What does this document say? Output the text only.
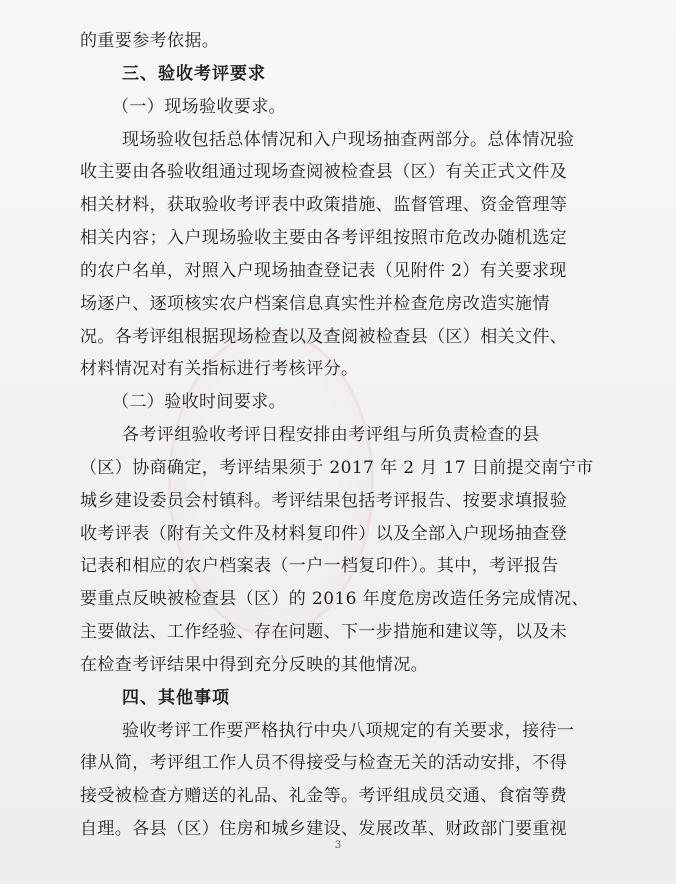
的重要参考依据。
三、验收考评要求
（一）现场验收要求。
现场验收包括总体情况和入户现场抽查两部分。总体情况验
收主要由各验收组通过现场查阅被检查县（区）有关正式文件及
相关材料，获取验收考评表中政策措施、监督管理、资金管理等
相关内容；入户现场验收主要由各考评组按照市危改办随机选定
的农户名单，对照入户现场抽查登记表（见附件 2）有关要求现
场逐户、逐项核实农户档案信息真实性并检查危房改造实施情
况。各考评组根据现场检查以及查阅被检查县（区）相关文件、
材料情况对有关指标进行考核评分。
（二）验收时间要求。
各考评组验收考评日程安排由考评组与所负责检查的县
（区）协商确定，考评结果须于 2017 年 2 月 17 日前提交南宁市
城乡建设委员会村镇科。考评结果包括考评报告、按要求填报验
收考评表（附有关文件及材料复印件）以及全部入户现场抽查登
记表和相应的农户档案表（一户一档复印件）。其中，考评报告
要重点反映被检查县（区）的 2016 年度危房改造任务完成情况、
主要做法、工作经验、存在问题、下一步措施和建议等，以及未
在检查考评结果中得到充分反映的其他情况。
四、其他事项
验收考评工作要严格执行中央八项规定的有关要求，接待一
律从简，考评组工作人员不得接受与检查无关的活动安排，不得
接受被检查方赠送的礼品、礼金等。考评组成员交通、食宿等费
自理。各县（区）住房和城乡建设、发展改革、财政部门要重视
3
